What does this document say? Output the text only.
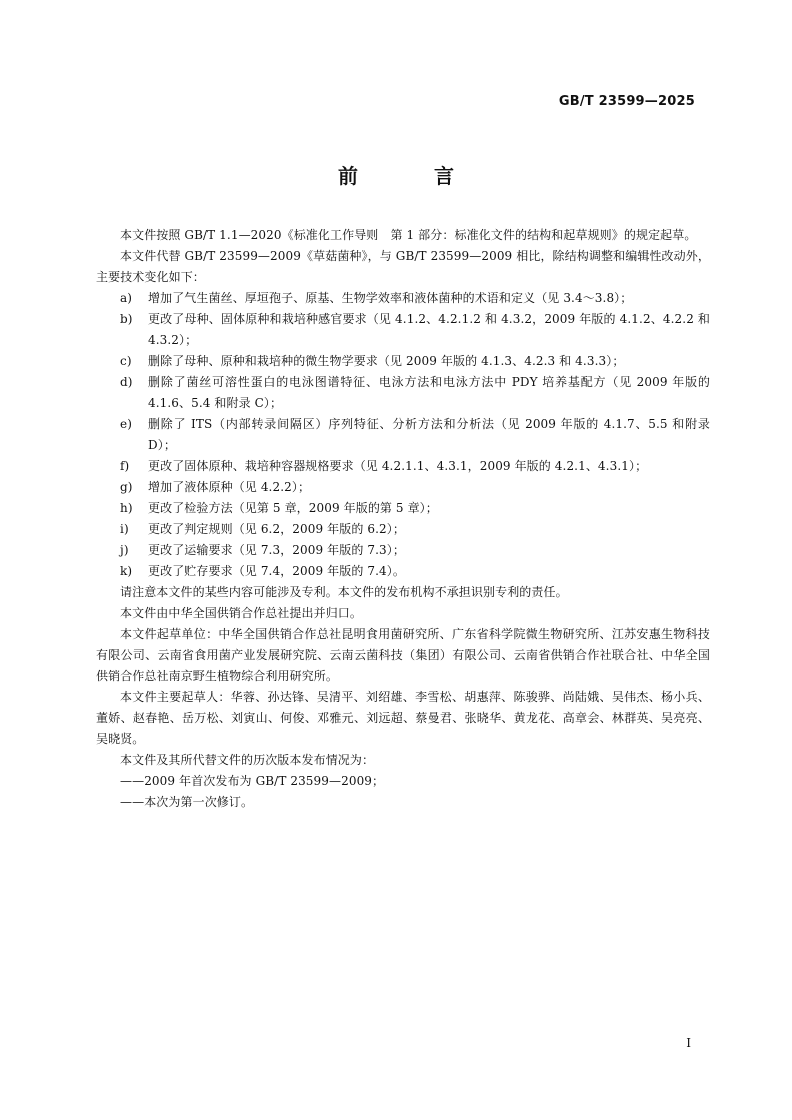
GB/T 23599—2025
前　言

本文件按照 GB/T 1.1—2020《标准化工作导则　第 1 部分：标准化文件的结构和起草规则》的规定起草。

本文件代替 GB/T 23599—2009《草菇菌种》，与 GB/T 23599—2009 相比，除结构调整和编辑性改动外，主要技术变化如下：

a)	增加了气生菌丝、厚垣孢子、原基、生物学效率和液体菌种的术语和定义（见 3.4～3.8）；
b)	更改了母种、固体原种和栽培种感官要求（见 4.1.2、4.2.1.2 和 4.3.2，2009 年版的 4.1.2、4.2.2 和 4.3.2）；
c)	删除了母种、原种和栽培种的微生物学要求（见 2009 年版的 4.1.3、4.2.3 和 4.3.3）；
d)	删除了菌丝可溶性蛋白的电泳图谱特征、电泳方法和电泳方法中 PDY 培养基配方（见 2009 年版的 4.1.6、5.4 和附录 C）；
e)	删除了 ITS（内部转录间隔区）序列特征、分析方法和分析法（见 2009 年版的 4.1.7、5.5 和附录 D）；
f)	更改了固体原种、栽培种容器规格要求（见 4.2.1.1、4.3.1，2009 年版的 4.2.1、4.3.1）；
g)	增加了液体原种（见 4.2.2）；
h)	更改了检验方法（见第 5 章，2009 年版的第 5 章）；
i)	更改了判定规则（见 6.2，2009 年版的 6.2）；
j)	更改了运输要求（见 7.3，2009 年版的 7.3）；
k)	更改了贮存要求（见 7.4，2009 年版的 7.4）。

请注意本文件的某些内容可能涉及专利。本文件的发布机构不承担识别专利的责任。

本文件由中华全国供销合作总社提出并归口。

本文件起草单位：中华全国供销合作总社昆明食用菌研究所、广东省科学院微生物研究所、江苏安惠生物科技有限公司、云南省食用菌产业发展研究院、云南云菌科技（集团）有限公司、云南省供销合作社联合社、中华全国供销合作总社南京野生植物综合利用研究所。

本文件主要起草人：华蓉、孙达锋、吴清平、刘绍雄、李雪松、胡惠萍、陈骏骅、尚陆娥、吴伟杰、杨小兵、董娇、赵春艳、岳万松、刘寅山、何俊、邓雅元、刘远超、蔡曼君、张晓华、黄龙花、高章会、林群英、吴亮亮、吴晓贤。

本文件及其所代替文件的历次版本发布情况为：

——2009 年首次发布为 GB/T 23599—2009；
——本次为第一次修订。
I
